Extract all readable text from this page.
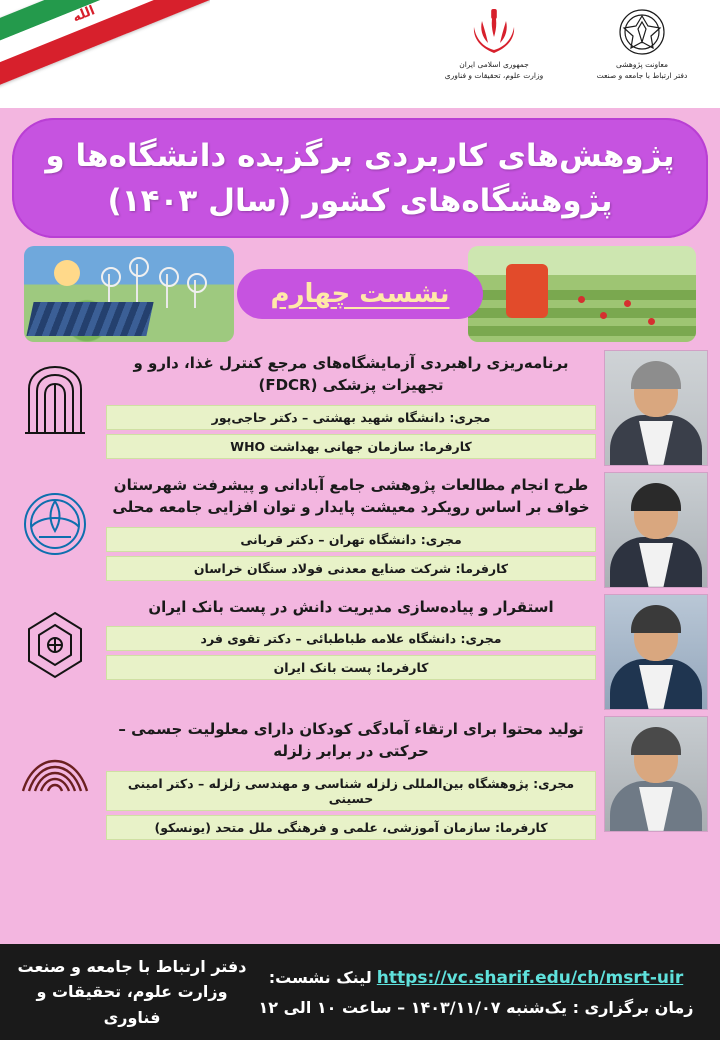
الله
معاونت پژوهشی
دفتر ارتباط با جامعه و صنعت
جمهوری اسلامی ایران
وزارت علوم، تحقیقات و فناوری
پژوهش‌های کاربردی برگزیده دانشگاه‌ها و پژوهشگاه‌های کشور (سال ۱۴۰۳)
نشست چهارم
برنامه‌ریزی راهبردی آزمایشگاه‌های مرجع کنترل غذا، دارو و تجهیزات پزشکی (FDCR)
مجری: دانشگاه شهید بهشتی – دکتر حاجی‌پور
کارفرما: سازمان جهانی بهداشت WHO
طرح انجام مطالعات پژوهشی جامع آبادانی و پیشرفت شهرستان خواف بر اساس رویکرد معیشت پایدار و توان افزایی جامعه محلی
مجری: دانشگاه تهران – دکتر قربانی
کارفرما: شرکت صنایع معدنی فولاد سنگان خراسان
استقرار و پیاده‌سازی مدیریت دانش در پست بانک ایران
مجری: دانشگاه علامه طباطبائی – دکتر تقوی فرد
کارفرما: پست بانک ایران
تولید محتوا برای ارتقاء آمادگی کودکان دارای معلولیت جسمی – حرکتی در برابر زلزله
مجری: پژوهشگاه بین‌المللی زلزله شناسی و مهندسی زلزله – دکتر امینی حسینی
کارفرما: سازمان آموزشی، علمی و فرهنگی ملل متحد (یونسکو)
https://vc.sharif.edu/ch/msrt-uir لینک نشست:
زمان برگزاری : یک‌شنبه ۱۴۰۳/۱۱/۰۷ – ساعت ۱۰ الی ۱۲
دفتر ارتباط با جامعه و صنعت
وزارت علوم، تحقیقات و فناوری
